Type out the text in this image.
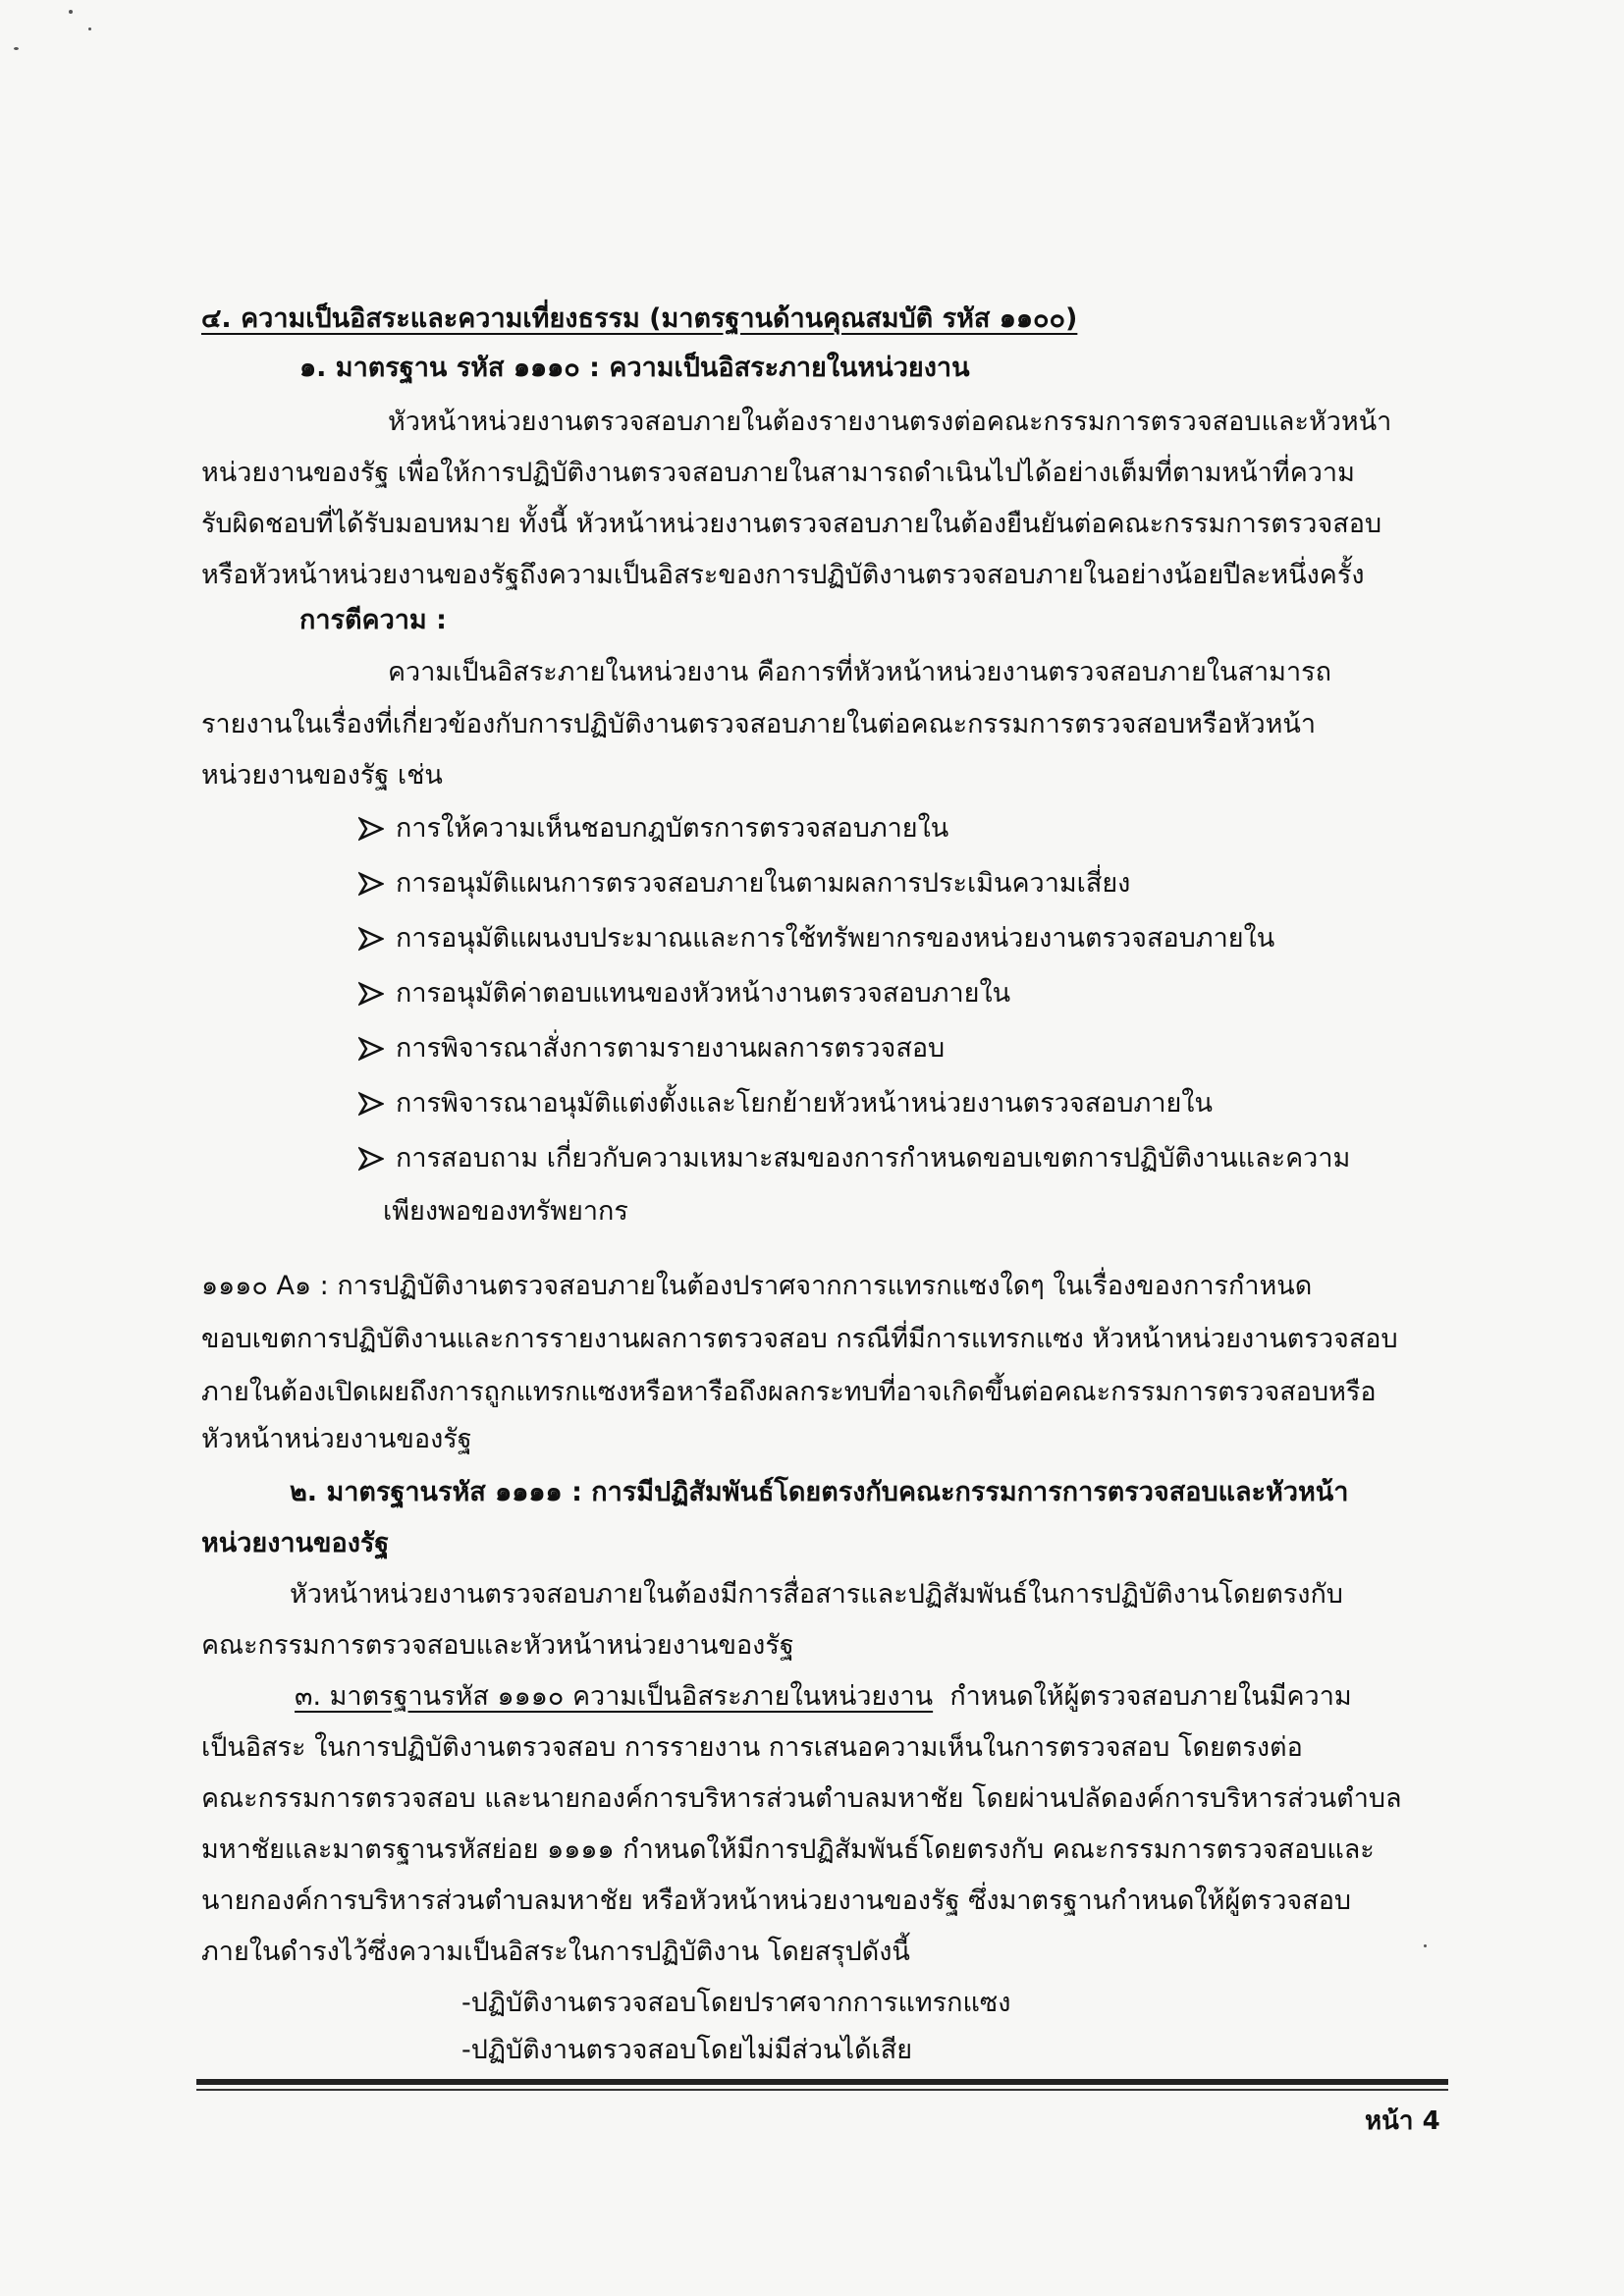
๔. ความเป็นอิสระและความเที่ยงธรรม (มาตรฐานด้านคุณสมบัติ รหัส ๑๑๐๐)
๑. มาตรฐาน รหัส ๑๑๑๐ : ความเป็นอิสระภายในหน่วยงาน
หัวหน้าหน่วยงานตรวจสอบภายในต้องรายงานตรงต่อคณะกรรมการตรวจสอบและหัวหน้า
หน่วยงานของรัฐ เพื่อให้การปฏิบัติงานตรวจสอบภายในสามารถดำเนินไปได้อย่างเต็มที่ตามหน้าที่ความ
รับผิดชอบที่ได้รับมอบหมาย ทั้งนี้ หัวหน้าหน่วยงานตรวจสอบภายในต้องยืนยันต่อคณะกรรมการตรวจสอบ
หรือหัวหน้าหน่วยงานของรัฐถึงความเป็นอิสระของการปฏิบัติงานตรวจสอบภายในอย่างน้อยปีละหนึ่งครั้ง
การตีความ :
ความเป็นอิสระภายในหน่วยงาน คือการที่หัวหน้าหน่วยงานตรวจสอบภายในสามารถ
รายงานในเรื่องที่เกี่ยวข้องกับการปฏิบัติงานตรวจสอบภายในต่อคณะกรรมการตรวจสอบหรือหัวหน้า
หน่วยงานของรัฐ เช่น
การให้ความเห็นชอบกฎบัตรการตรวจสอบภายใน
การอนุมัติแผนการตรวจสอบภายในตามผลการประเมินความเสี่ยง
การอนุมัติแผนงบประมาณและการใช้ทรัพยากรของหน่วยงานตรวจสอบภายใน
การอนุมัติค่าตอบแทนของหัวหน้างานตรวจสอบภายใน
การพิจารณาสั่งการตามรายงานผลการตรวจสอบ
การพิจารณาอนุมัติแต่งตั้งและโยกย้ายหัวหน้าหน่วยงานตรวจสอบภายใน
การสอบถาม เกี่ยวกับความเหมาะสมของการกำหนดขอบเขตการปฏิบัติงานและความ
เพียงพอของทรัพยากร
๑๑๑๐ A๑ : การปฏิบัติงานตรวจสอบภายในต้องปราศจากการแทรกแซงใดๆ ในเรื่องของการกำหนด
ขอบเขตการปฏิบัติงานและการรายงานผลการตรวจสอบ กรณีที่มีการแทรกแซง หัวหน้าหน่วยงานตรวจสอบ
ภายในต้องเปิดเผยถึงการถูกแทรกแซงหรือหารือถึงผลกระทบที่อาจเกิดขึ้นต่อคณะกรรมการตรวจสอบหรือ
หัวหน้าหน่วยงานของรัฐ
๒. มาตรฐานรหัส ๑๑๑๑ : การมีปฏิสัมพันธ์โดยตรงกับคณะกรรมการการตรวจสอบและหัวหน้า
หน่วยงานของรัฐ
หัวหน้าหน่วยงานตรวจสอบภายในต้องมีการสื่อสารและปฏิสัมพันธ์ในการปฏิบัติงานโดยตรงกับ
คณะกรรมการตรวจสอบและหัวหน้าหน่วยงานของรัฐ
๓. มาตรฐานรหัส ๑๑๑๐ ความเป็นอิสระภายในหน่วยงาน กำหนดให้ผู้ตรวจสอบภายในมีความ
เป็นอิสระ ในการปฏิบัติงานตรวจสอบ การรายงาน การเสนอความเห็นในการตรวจสอบ โดยตรงต่อ
คณะกรรมการตรวจสอบ และนายกองค์การบริหารส่วนตำบลมหาชัย โดยผ่านปลัดองค์การบริหารส่วนตำบล
มหาชัยและมาตรฐานรหัสย่อย ๑๑๑๑ กำหนดให้มีการปฏิสัมพันธ์โดยตรงกับ คณะกรรมการตรวจสอบและ
นายกองค์การบริหารส่วนตำบลมหาชัย หรือหัวหน้าหน่วยงานของรัฐ ซึ่งมาตรฐานกำหนดให้ผู้ตรวจสอบ
ภายในดำรงไว้ซึ่งความเป็นอิสระในการปฏิบัติงาน โดยสรุปดังนี้
-ปฏิบัติงานตรวจสอบโดยปราศจากการแทรกแซง
-ปฏิบัติงานตรวจสอบโดยไม่มีส่วนได้เสีย
หน้า 4
